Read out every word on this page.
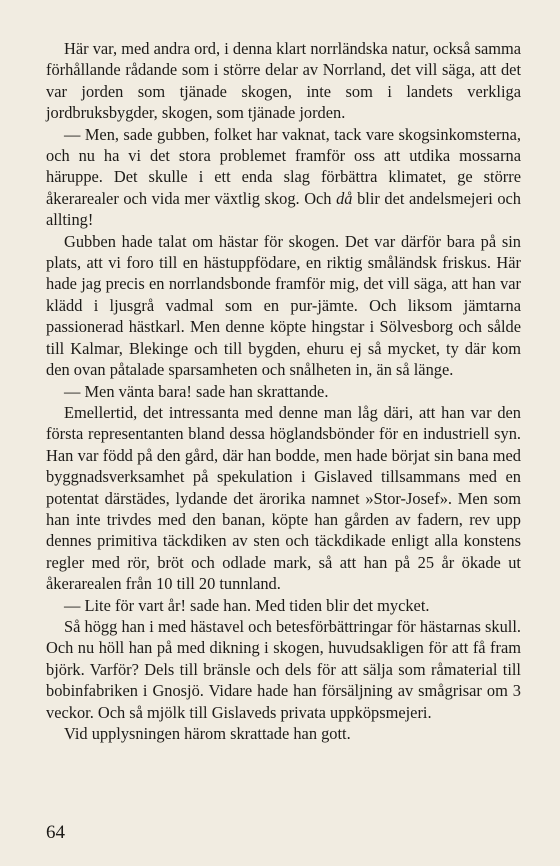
Här var, med andra ord, i denna klart norrländska natur, också samma förhållande rådande som i större delar av Norrland, det vill säga, att det var jorden som tjänade skogen, inte som i landets verkliga jordbruksbygder, skogen, som tjänade jorden.

— Men, sade gubben, folket har vaknat, tack vare skogsinkomsterna, och nu ha vi det stora problemet framför oss att utdika mossarna häruppe. Det skulle i ett enda slag förbättra klimatet, ge större åkerarealer och vida mer växtlig skog. Och då blir det andelsmejeri och allting!

Gubben hade talat om hästar för skogen. Det var därför bara på sin plats, att vi foro till en hästuppfödare, en riktig småländsk friskus. Här hade jag precis en norrlandsbonde framför mig, det vill säga, att han var klädd i ljusgrå vadmal som en pur-jämte. Och liksom jämtarna passionerad hästkarl. Men denne köpte hingstar i Sölvesborg och sålde till Kalmar, Blekinge och till bygden, ehuru ej så mycket, ty där kom den ovan påtalade sparsamheten och snålheten in, än så länge.

— Men vänta bara! sade han skrattande.

Emellertid, det intressanta med denne man låg däri, att han var den första representanten bland dessa höglandsbönder för en industriell syn. Han var född på den gård, där han bodde, men hade börjat sin bana med byggnadsverksamhet på spekulation i Gislaved tillsammans med en potentat därstädes, lydande det ärorika namnet »Stor-Josef». Men som han inte trivdes med den banan, köpte han gården av fadern, rev upp dennes primitiva täckdiken av sten och täckdikade enligt alla konstens regler med rör, bröt och odlade mark, så att han på 25 år ökade ut åkerarealen från 10 till 20 tunnland.

— Lite för vart år! sade han. Med tiden blir det mycket.

Så högg han i med hästavel och betesförbättringar för hästarnas skull. Och nu höll han på med dikning i skogen, huvudsakligen för att få fram björk. Varför? Dels till bränsle och dels för att sälja som råmaterial till bobinfabriken i Gnosjö. Vidare hade han försäljning av smågrisar om 3 veckor. Och så mjölk till Gislaveds privata uppköpsmejeri.

Vid upplysningen härom skrattade han gott.

64
